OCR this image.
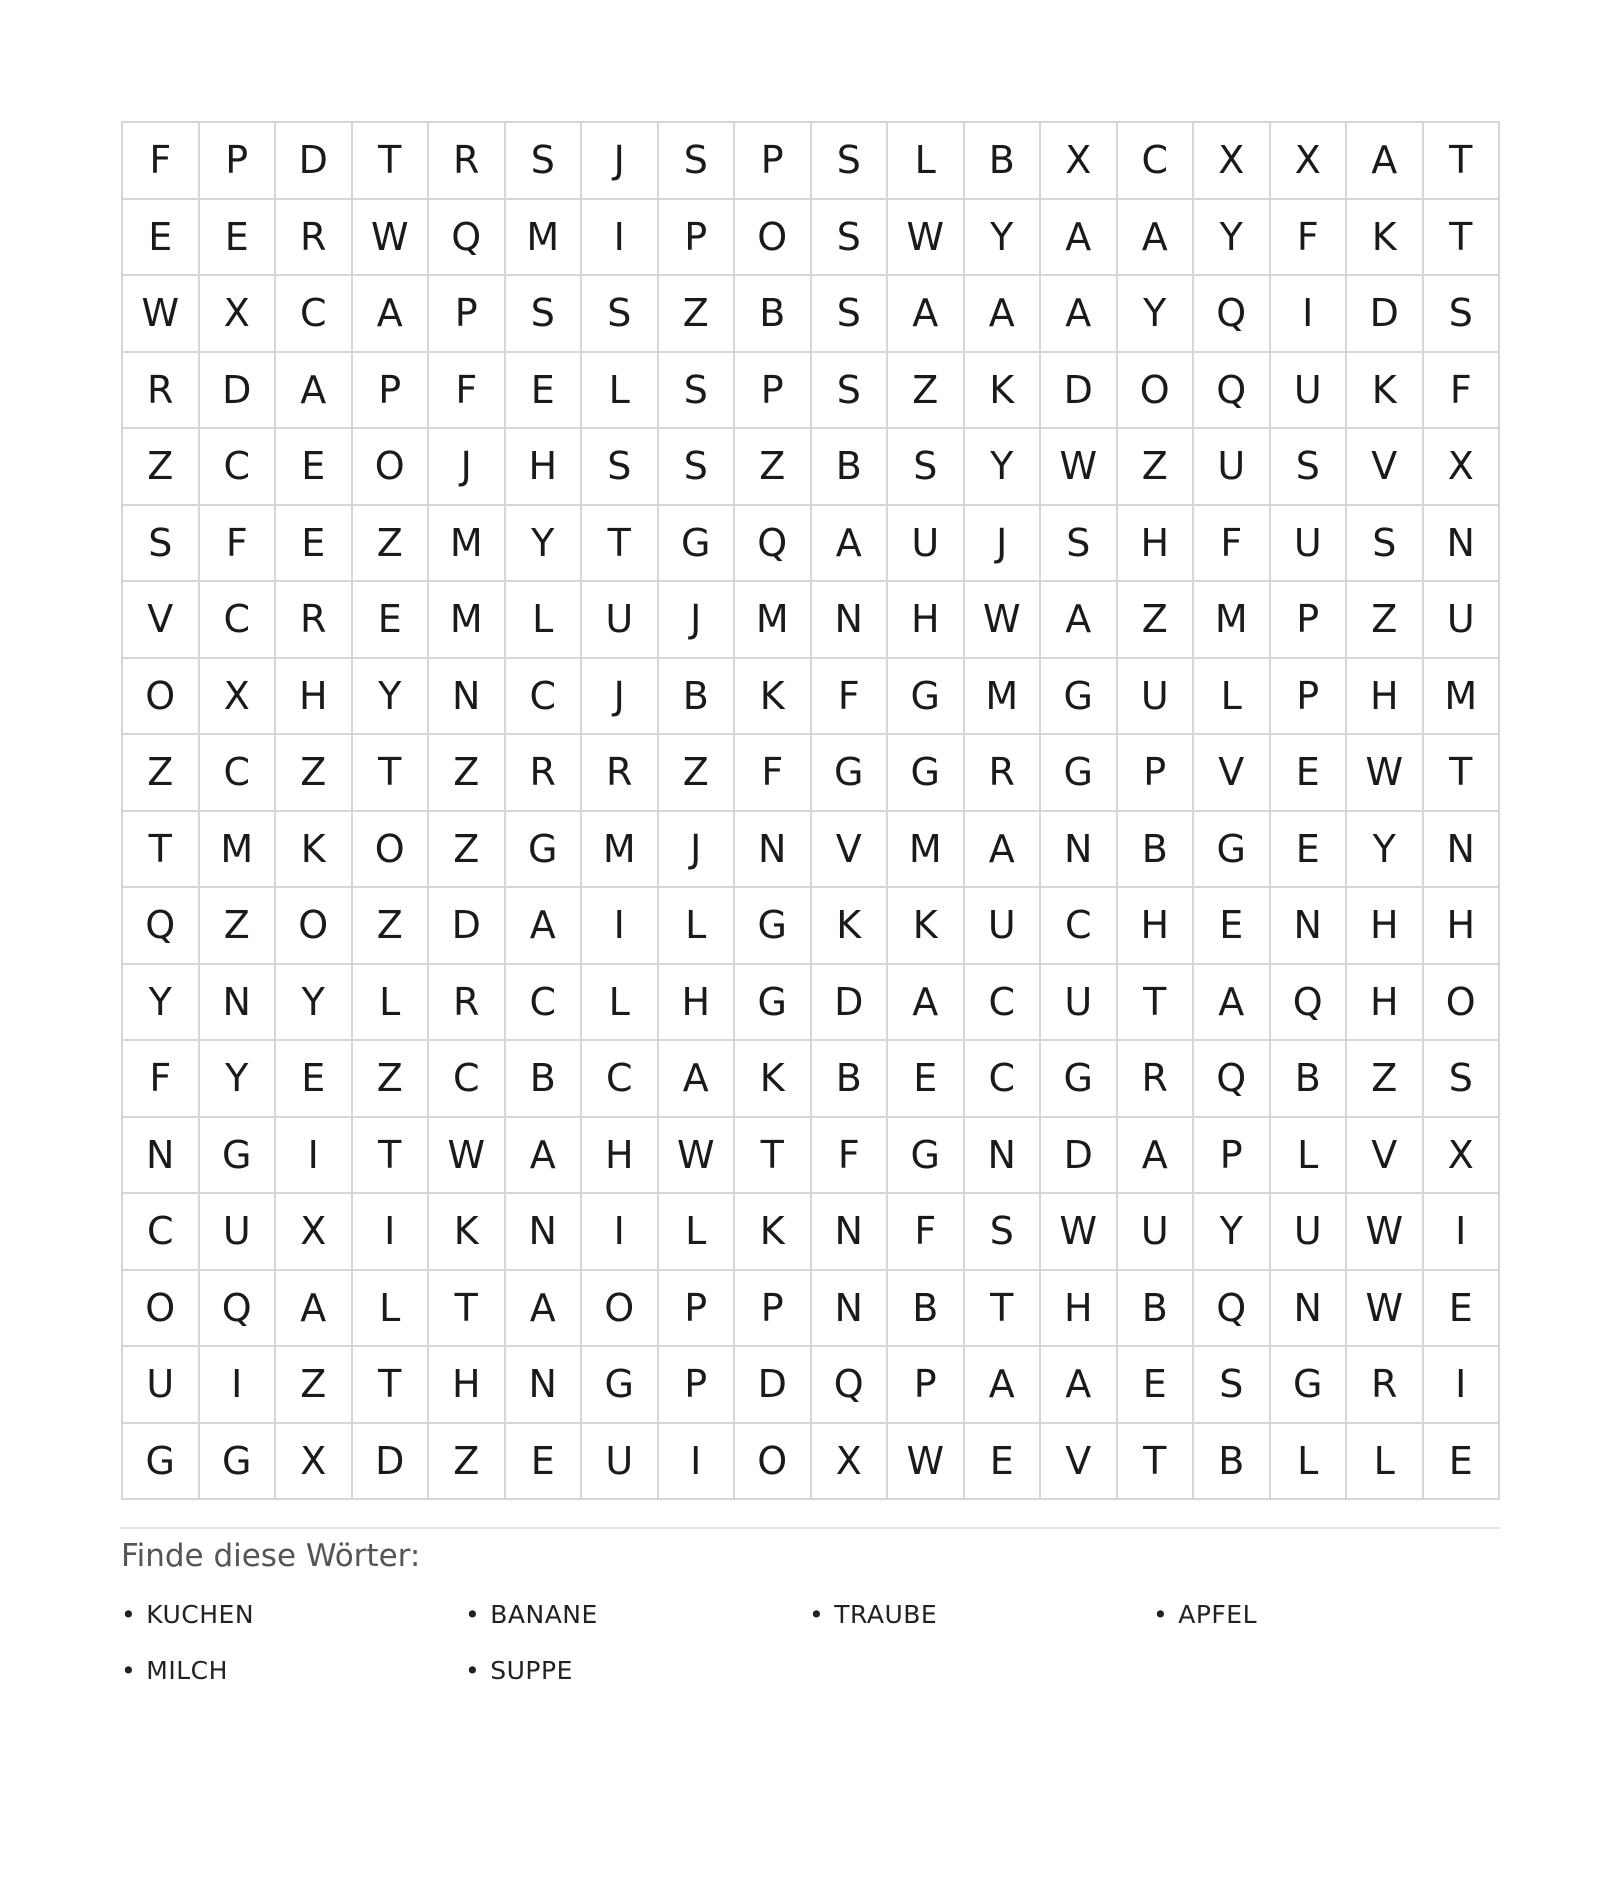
F	P	D	T	R	S	J	S	P	S	L	B	X	C	X	X	A	T
E	E	R	W	Q	M	I	P	O	S	W	Y	A	A	Y	F	K	T
W	X	C	A	P	S	S	Z	B	S	A	A	A	Y	Q	I	D	S
R	D	A	P	F	E	L	S	P	S	Z	K	D	O	Q	U	K	F
Z	C	E	O	J	H	S	S	Z	B	S	Y	W	Z	U	S	V	X
S	F	E	Z	M	Y	T	G	Q	A	U	J	S	H	F	U	S	N
V	C	R	E	M	L	U	J	M	N	H	W	A	Z	M	P	Z	U
O	X	H	Y	N	C	J	B	K	F	G	M	G	U	L	P	H	M
Z	C	Z	T	Z	R	R	Z	F	G	G	R	G	P	V	E	W	T
T	M	K	O	Z	G	M	J	N	V	M	A	N	B	G	E	Y	N
Q	Z	O	Z	D	A	I	L	G	K	K	U	C	H	E	N	H	H
Y	N	Y	L	R	C	L	H	G	D	A	C	U	T	A	Q	H	O
F	Y	E	Z	C	B	C	A	K	B	E	C	G	R	Q	B	Z	S
N	G	I	T	W	A	H	W	T	F	G	N	D	A	P	L	V	X
C	U	X	I	K	N	I	L	K	N	F	S	W	U	Y	U	W	I
O	Q	A	L	T	A	O	P	P	N	B	T	H	B	Q	N	W	E
U	I	Z	T	H	N	G	P	D	Q	P	A	A	E	S	G	R	I
G	G	X	D	Z	E	U	I	O	X	W	E	V	T	B	L	L	E
Finde diese Wörter:
• KUCHEN	• BANANE	• TRAUBE	• APFEL
• MILCH	• SUPPE
